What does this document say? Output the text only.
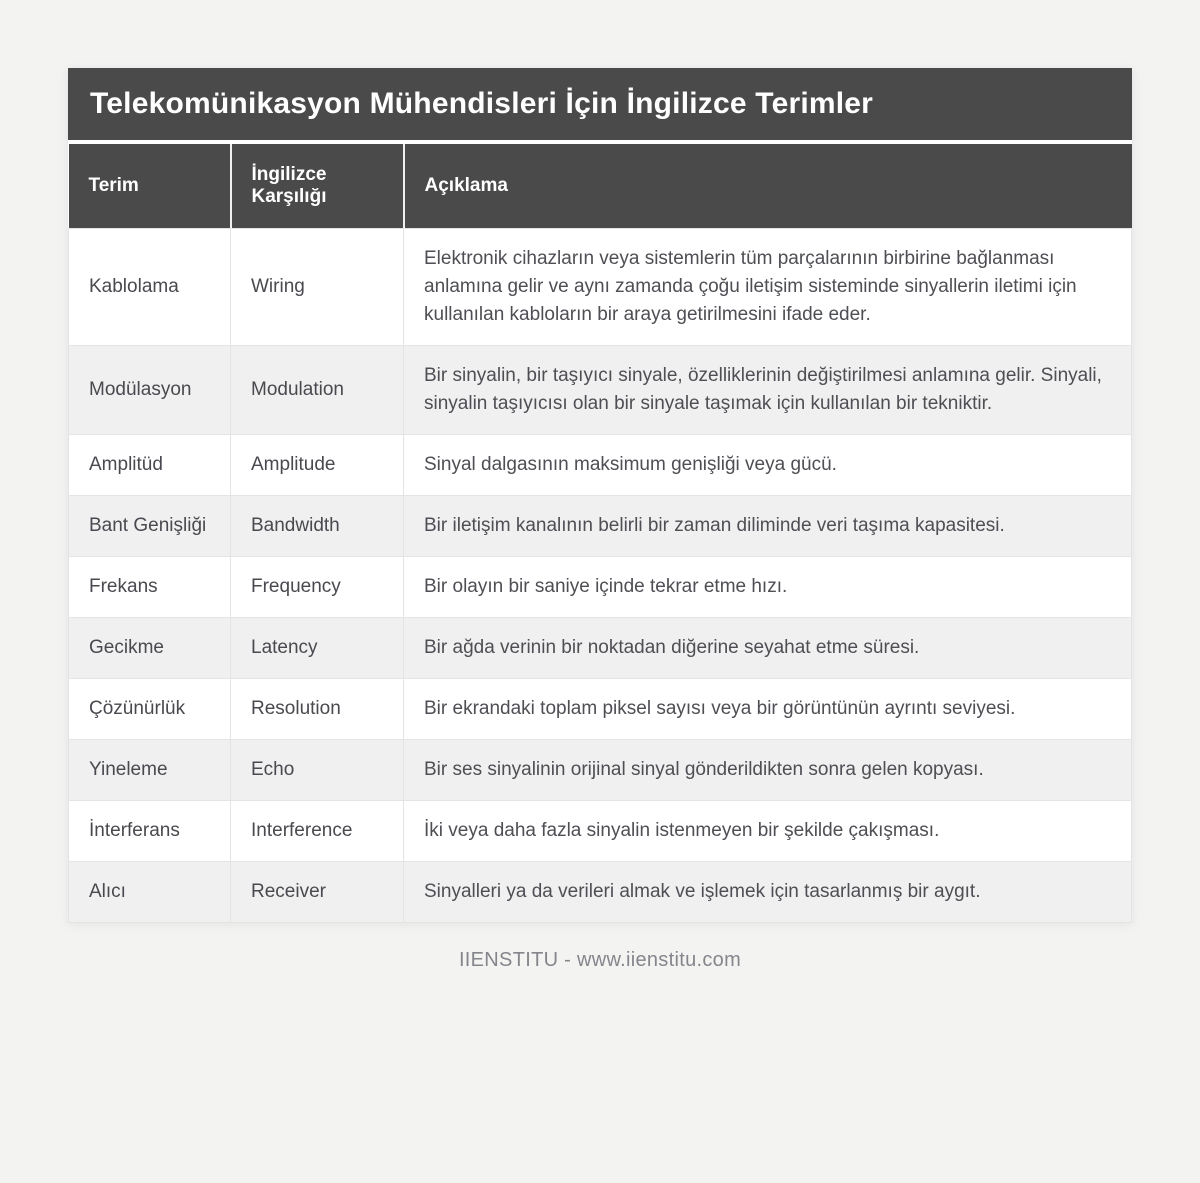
Telekomünikasyon Mühendisleri İçin İngilizce Terimler
Terim	İngilizce Karşılığı	Açıklama
Kablolama	Wiring	Elektronik cihazların veya sistemlerin tüm parçalarının birbirine bağlanması anlamına gelir ve aynı zamanda çoğu iletişim sisteminde sinyallerin iletimi için kullanılan kabloların bir araya getirilmesini ifade eder.
Modülasyon	Modulation	Bir sinyalin, bir taşıyıcı sinyale, özelliklerinin değiştirilmesi anlamına gelir. Sinyali, sinyalin taşıyıcısı olan bir sinyale taşımak için kullanılan bir tekniktir.
Amplitüd	Amplitude	Sinyal dalgasının maksimum genişliği veya gücü.
Bant Genişliği	Bandwidth	Bir iletişim kanalının belirli bir zaman diliminde veri taşıma kapasitesi.
Frekans	Frequency	Bir olayın bir saniye içinde tekrar etme hızı.
Gecikme	Latency	Bir ağda verinin bir noktadan diğerine seyahat etme süresi.
Çözünürlük	Resolution	Bir ekrandaki toplam piksel sayısı veya bir görüntünün ayrıntı seviyesi.
Yineleme	Echo	Bir ses sinyalinin orijinal sinyal gönderildikten sonra gelen kopyası.
İnterferans	Interference	İki veya daha fazla sinyalin istenmeyen bir şekilde çakışması.
Alıcı	Receiver	Sinyalleri ya da verileri almak ve işlemek için tasarlanmış bir aygıt.
IIENSTITU - www.iienstitu.com
